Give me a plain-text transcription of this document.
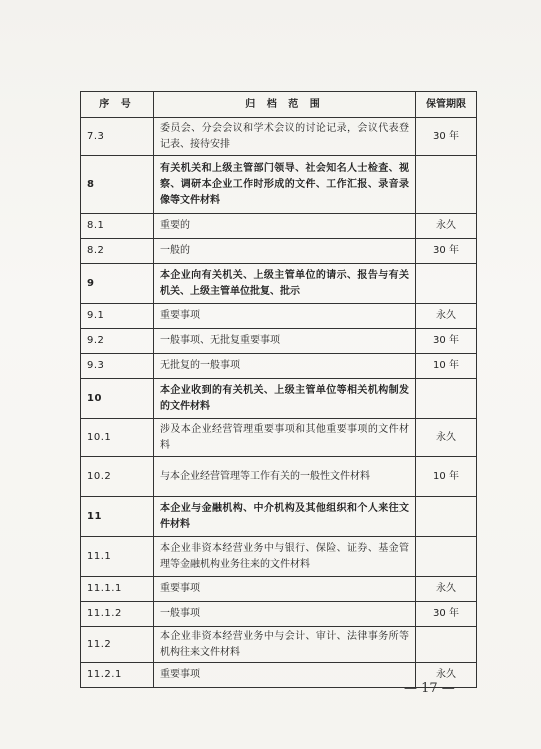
序 号	归 档 范 围	保管期限
7.3	委员会、分会会议和学术会议的讨论记录，会议代表登记表、接待安排	30 年
8	有关机关和上级主管部门领导、社会知名人士检查、视察、调研本企业工作时形成的文件、工作汇报、录音录像等文件材料	
8.1	重要的	永久
8.2	一般的	30 年
9	本企业向有关机关、上级主管单位的请示、报告与有关机关、上级主管单位批复、批示	
9.1	重要事项	永久
9.2	一般事项、无批复重要事项	30 年
9.3	无批复的一般事项	10 年
10	本企业收到的有关机关、上级主管单位等相关机构制发的文件材料	
10.1	涉及本企业经营管理重要事项和其他重要事项的文件材料	永久
10.2	与本企业经营管理等工作有关的一般性文件材料	10 年
11	本企业与金融机构、中介机构及其他组织和个人来往文件材料	
11.1	本企业非资本经营业务中与银行、保险、证券、基金管理等金融机构业务往来的文件材料	
11.1.1	重要事项	永久
11.1.2	一般事项	30 年
11.2	本企业非资本经营业务中与会计、审计、法律事务所等机构往来文件材料	
11.2.1	重要事项	永久
— 17 —
